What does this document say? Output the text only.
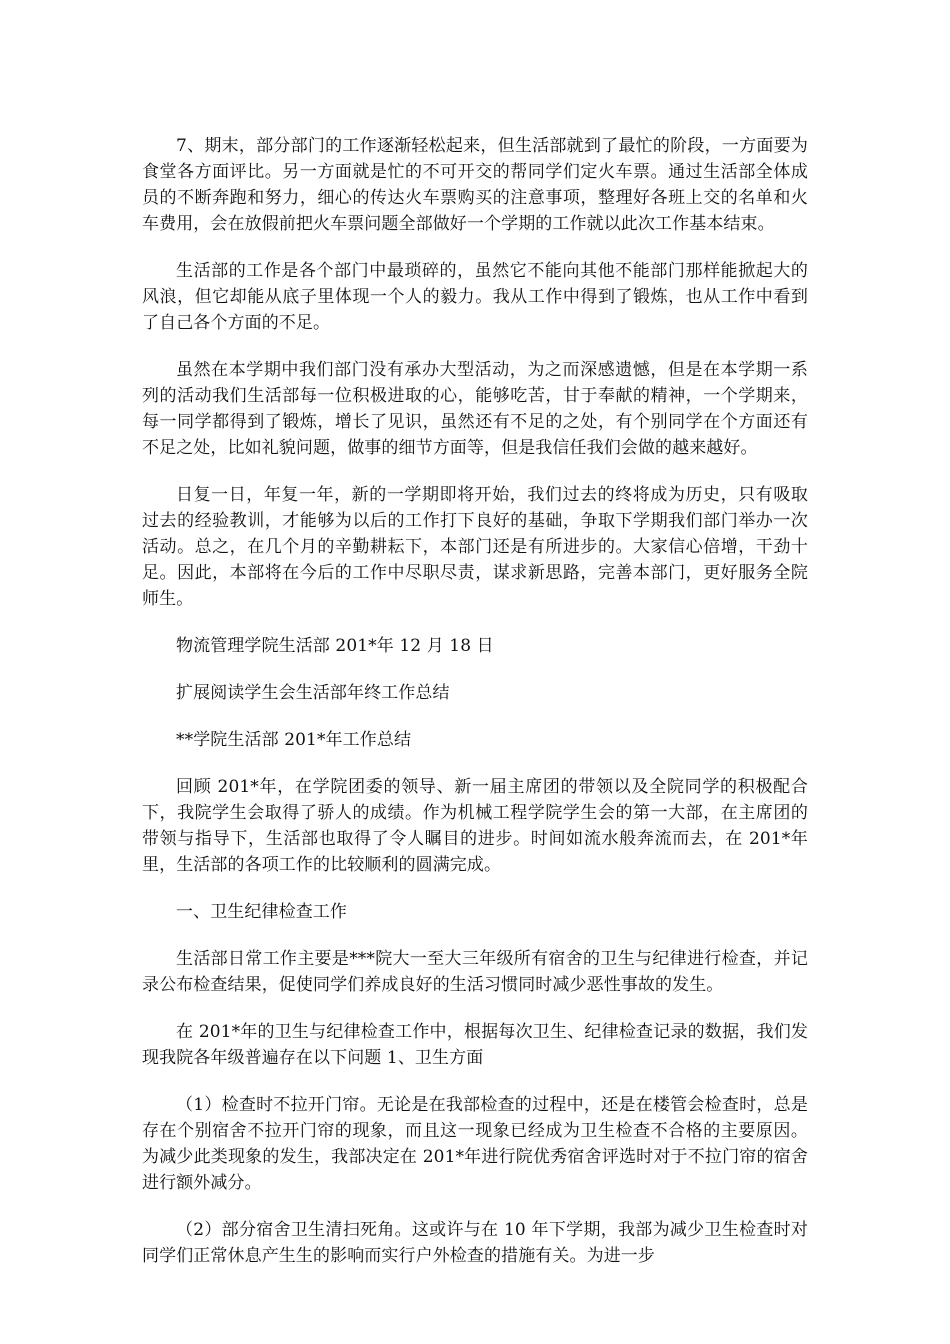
7、期末，部分部门的工作逐渐轻松起来，但生活部就到了最忙的阶段，一方面要为食堂各方面评比。另一方面就是忙的不可开交的帮同学们定火车票。通过生活部全体成员的不断奔跑和努力，细心的传达火车票购买的注意事项，整理好各班上交的名单和火车费用，会在放假前把火车票问题全部做好一个学期的工作就以此次工作基本结束。

生活部的工作是各个部门中最琐碎的，虽然它不能向其他不能部门那样能掀起大的风浪，但它却能从底子里体现一个人的毅力。我从工作中得到了锻炼，也从工作中看到了自己各个方面的不足。

虽然在本学期中我们部门没有承办大型活动，为之而深感遗憾，但是在本学期一系列的活动我们生活部每一位积极进取的心，能够吃苦，甘于奉献的精神，一个学期来，每一同学都得到了锻炼，增长了见识，虽然还有不足的之处，有个别同学在个方面还有不足之处，比如礼貌问题，做事的细节方面等，但是我信任我们会做的越来越好。

日复一日，年复一年，新的一学期即将开始，我们过去的终将成为历史，只有吸取过去的经验教训，才能够为以后的工作打下良好的基础，争取下学期我们部门举办一次活动。总之，在几个月的辛勤耕耘下，本部门还是有所进步的。大家信心倍增，干劲十足。因此，本部将在今后的工作中尽职尽责，谋求新思路，完善本部门，更好服务全院师生。

物流管理学院生活部 201*年 12 月 18 日

扩展阅读学生会生活部年终工作总结

**学院生活部 201*年工作总结

回顾 201*年，在学院团委的领导、新一届主席团的带领以及全院同学的积极配合下，我院学生会取得了骄人的成绩。作为机械工程学院学生会的第一大部，在主席团的带领与指导下，生活部也取得了令人瞩目的进步。时间如流水般奔流而去，在 201*年里，生活部的各项工作的比较顺利的圆满完成。

一、卫生纪律检查工作

生活部日常工作主要是***院大一至大三年级所有宿舍的卫生与纪律进行检查，并记录公布检查结果，促使同学们养成良好的生活习惯同时减少恶性事故的发生。

在 201*年的卫生与纪律检查工作中，根据每次卫生、纪律检查记录的数据，我们发现我院各年级普遍存在以下问题 1、卫生方面

（1）检查时不拉开门帘。无论是在我部检查的过程中，还是在楼管会检查时，总是存在个别宿舍不拉开门帘的现象，而且这一现象已经成为卫生检查不合格的主要原因。为减少此类现象的发生，我部决定在 201*年进行院优秀宿舍评选时对于不拉门帘的宿舍进行额外减分。

（2）部分宿舍卫生清扫死角。这或许与在 10 年下学期，我部为减少卫生检查时对同学们正常休息产生生的影响而实行户外检查的措施有关。为进一步
